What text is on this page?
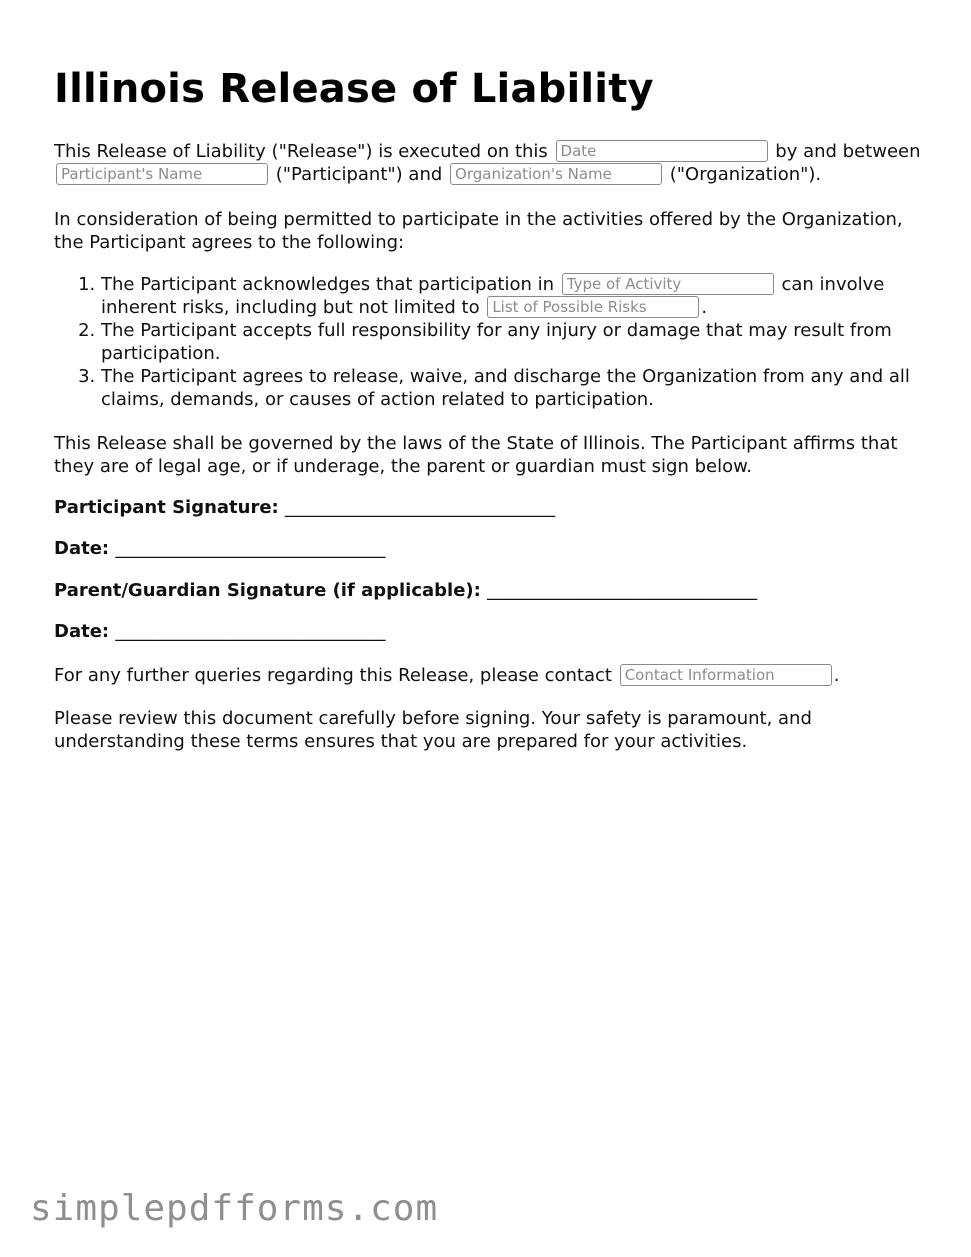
Illinois Release of Liability

This Release of Liability ("Release") is executed on this Date	by and between Participant's Name ("Participant") and Organization's Name	("Organization").

In consideration of being permitted to participate in the activities offered by the Organization, the Participant agrees to the following:

1. The Participant acknowledges that participation in Type of Activity	can involve inherent risks, including but not limited to List of Possible Risks	.
2. The Participant accepts full responsibility for any injury or damage that may result from participation.
3. The Participant agrees to release, waive, and discharge the Organization from any and all claims, demands, or causes of action related to participation.

This Release shall be governed by the laws of the State of Illinois. The Participant affirms that they are of legal age, or if underage, the parent or guardian must sign below.

Participant Signature: ______________________________
Date: ______________________________
Parent/Guardian Signature (if applicable): ______________________________
Date: ______________________________

For any further queries regarding this Release, please contact Contact Information	.

Please review this document carefully before signing. Your safety is paramount, and understanding these terms ensures that you are prepared for your activities.

simplepdfforms.com
